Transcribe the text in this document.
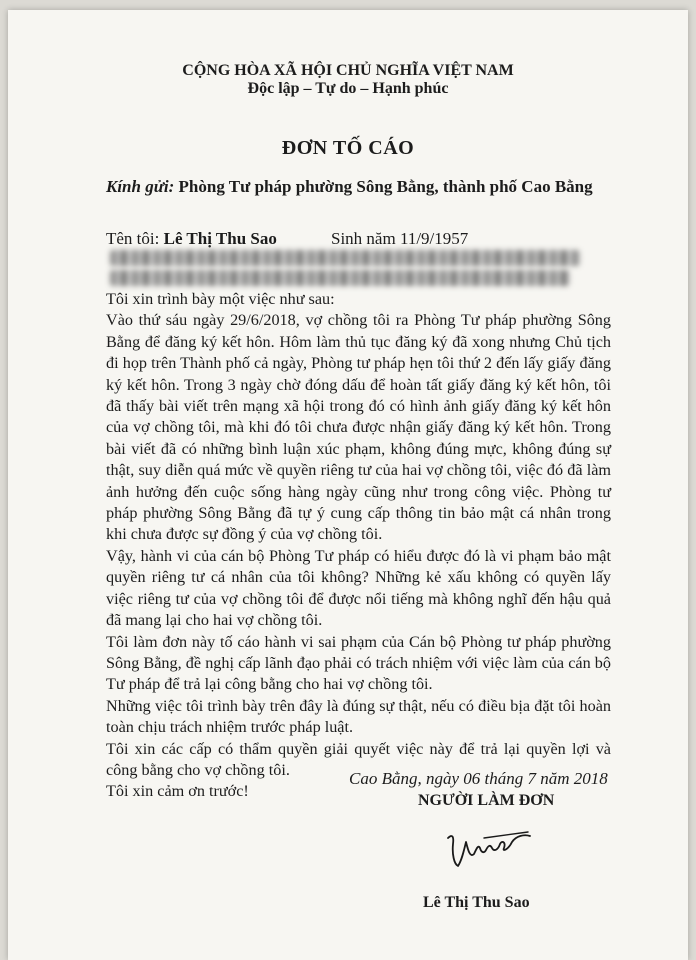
CỘNG HÒA XÃ HỘI CHỦ NGHĨA VIỆT NAM
Độc lập – Tự do – Hạnh phúc
ĐƠN TỐ CÁO
Kính gửi: Phòng Tư pháp phường Sông Bằng, thành phố Cao Bằng
Tên tôi: Lê Thị Thu Sao	Sinh năm 11/9/1957

Tôi xin trình bày một việc như sau:

Vào thứ sáu ngày 29/6/2018, vợ chồng tôi ra Phòng Tư pháp phường Sông Bằng để đăng ký kết hôn. Hôm làm thủ tục đăng ký đã xong nhưng Chủ tịch đi họp trên Thành phố cả ngày, Phòng tư pháp hẹn tôi thứ 2 đến lấy giấy đăng ký kết hôn. Trong 3 ngày chờ đóng dấu để hoàn tất giấy đăng ký kết hôn, tôi đã thấy bài viết trên mạng xã hội trong đó có hình ảnh giấy đăng ký kết hôn của vợ chồng tôi, mà khi đó tôi chưa được nhận giấy đăng ký kết hôn. Trong bài viết đã có những bình luận xúc phạm, không đúng mực, không đúng sự thật, suy diễn quá mức về quyền riêng tư của hai vợ chồng tôi, việc đó đã làm ảnh hưởng đến cuộc sống hàng ngày cũng như trong công việc. Phòng tư pháp phường Sông Bằng đã tự ý cung cấp thông tin bảo mật cá nhân trong khi chưa được sự đồng ý của vợ chồng tôi.

Vậy, hành vi của cán bộ Phòng Tư pháp có hiểu được đó là vi phạm bảo mật quyền riêng tư cá nhân của tôi không? Những kẻ xấu không có quyền lấy việc riêng tư của vợ chồng tôi để được nổi tiếng mà không nghĩ đến hậu quả đã mang lại cho hai vợ chồng tôi.

Tôi làm đơn này tố cáo hành vi sai phạm của Cán bộ Phòng tư pháp phường Sông Bằng, đề nghị cấp lãnh đạo phải có trách nhiệm với việc làm của cán bộ Tư pháp để trả lại công bằng cho hai vợ chồng tôi.

Những việc tôi trình bày trên đây là đúng sự thật, nếu có điều bịa đặt tôi hoàn toàn chịu trách nhiệm trước pháp luật.

Tôi xin các cấp có thẩm quyền giải quyết việc này để trả lại quyền lợi và công bằng cho vợ chồng tôi.

Tôi xin cảm ơn trước!

Cao Bằng, ngày 06 tháng 7 năm 2018
NGƯỜI LÀM ĐƠN
Lê Thị Thu Sao
